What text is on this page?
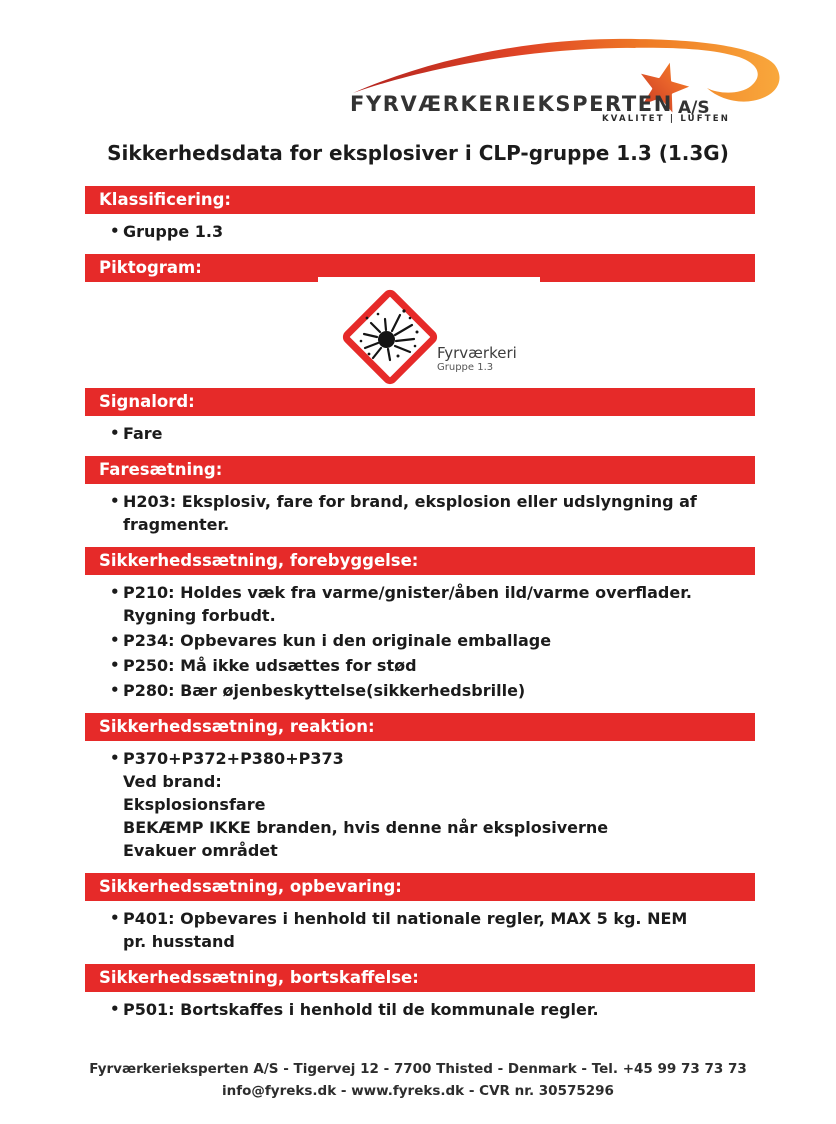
FYRVÆRKERIEKSPERTEN A/S
KVALITET | LUFTEN
Sikkerhedsdata for eksplosiver i CLP-gruppe 1.3 (1.3G)
Klassificering:
• Gruppe 1.3
Piktogram:
Fyrværkeri
Gruppe 1.3
Signalord:
• Fare
Faresætning:
• H203: Eksplosiv, fare for brand, eksplosion eller udslyngning af
fragmenter.
Sikkerhedssætning, forebyggelse:
• P210: Holdes væk fra varme/gnister/åben ild/varme overflader.
Rygning forbudt.
• P234: Opbevares kun i den originale emballage
• P250: Må ikke udsættes for stød
• P280: Bær øjenbeskyttelse(sikkerhedsbrille)
Sikkerhedssætning, reaktion:
• P370+P372+P380+P373
Ved brand:
Eksplosionsfare
BEKÆMP IKKE branden, hvis denne når eksplosiverne
Evakuer området
Sikkerhedssætning, opbevaring:
• P401: Opbevares i henhold til nationale regler, MAX 5 kg. NEM
pr. husstand
Sikkerhedssætning, bortskaffelse:
• P501: Bortskaffes i henhold til de kommunale regler.
Fyrværkerieksperten A/S - Tigervej 12 - 7700 Thisted - Denmark - Tel. +45 99 73 73 73
info@fyreks.dk - www.fyreks.dk - CVR nr. 30575296
